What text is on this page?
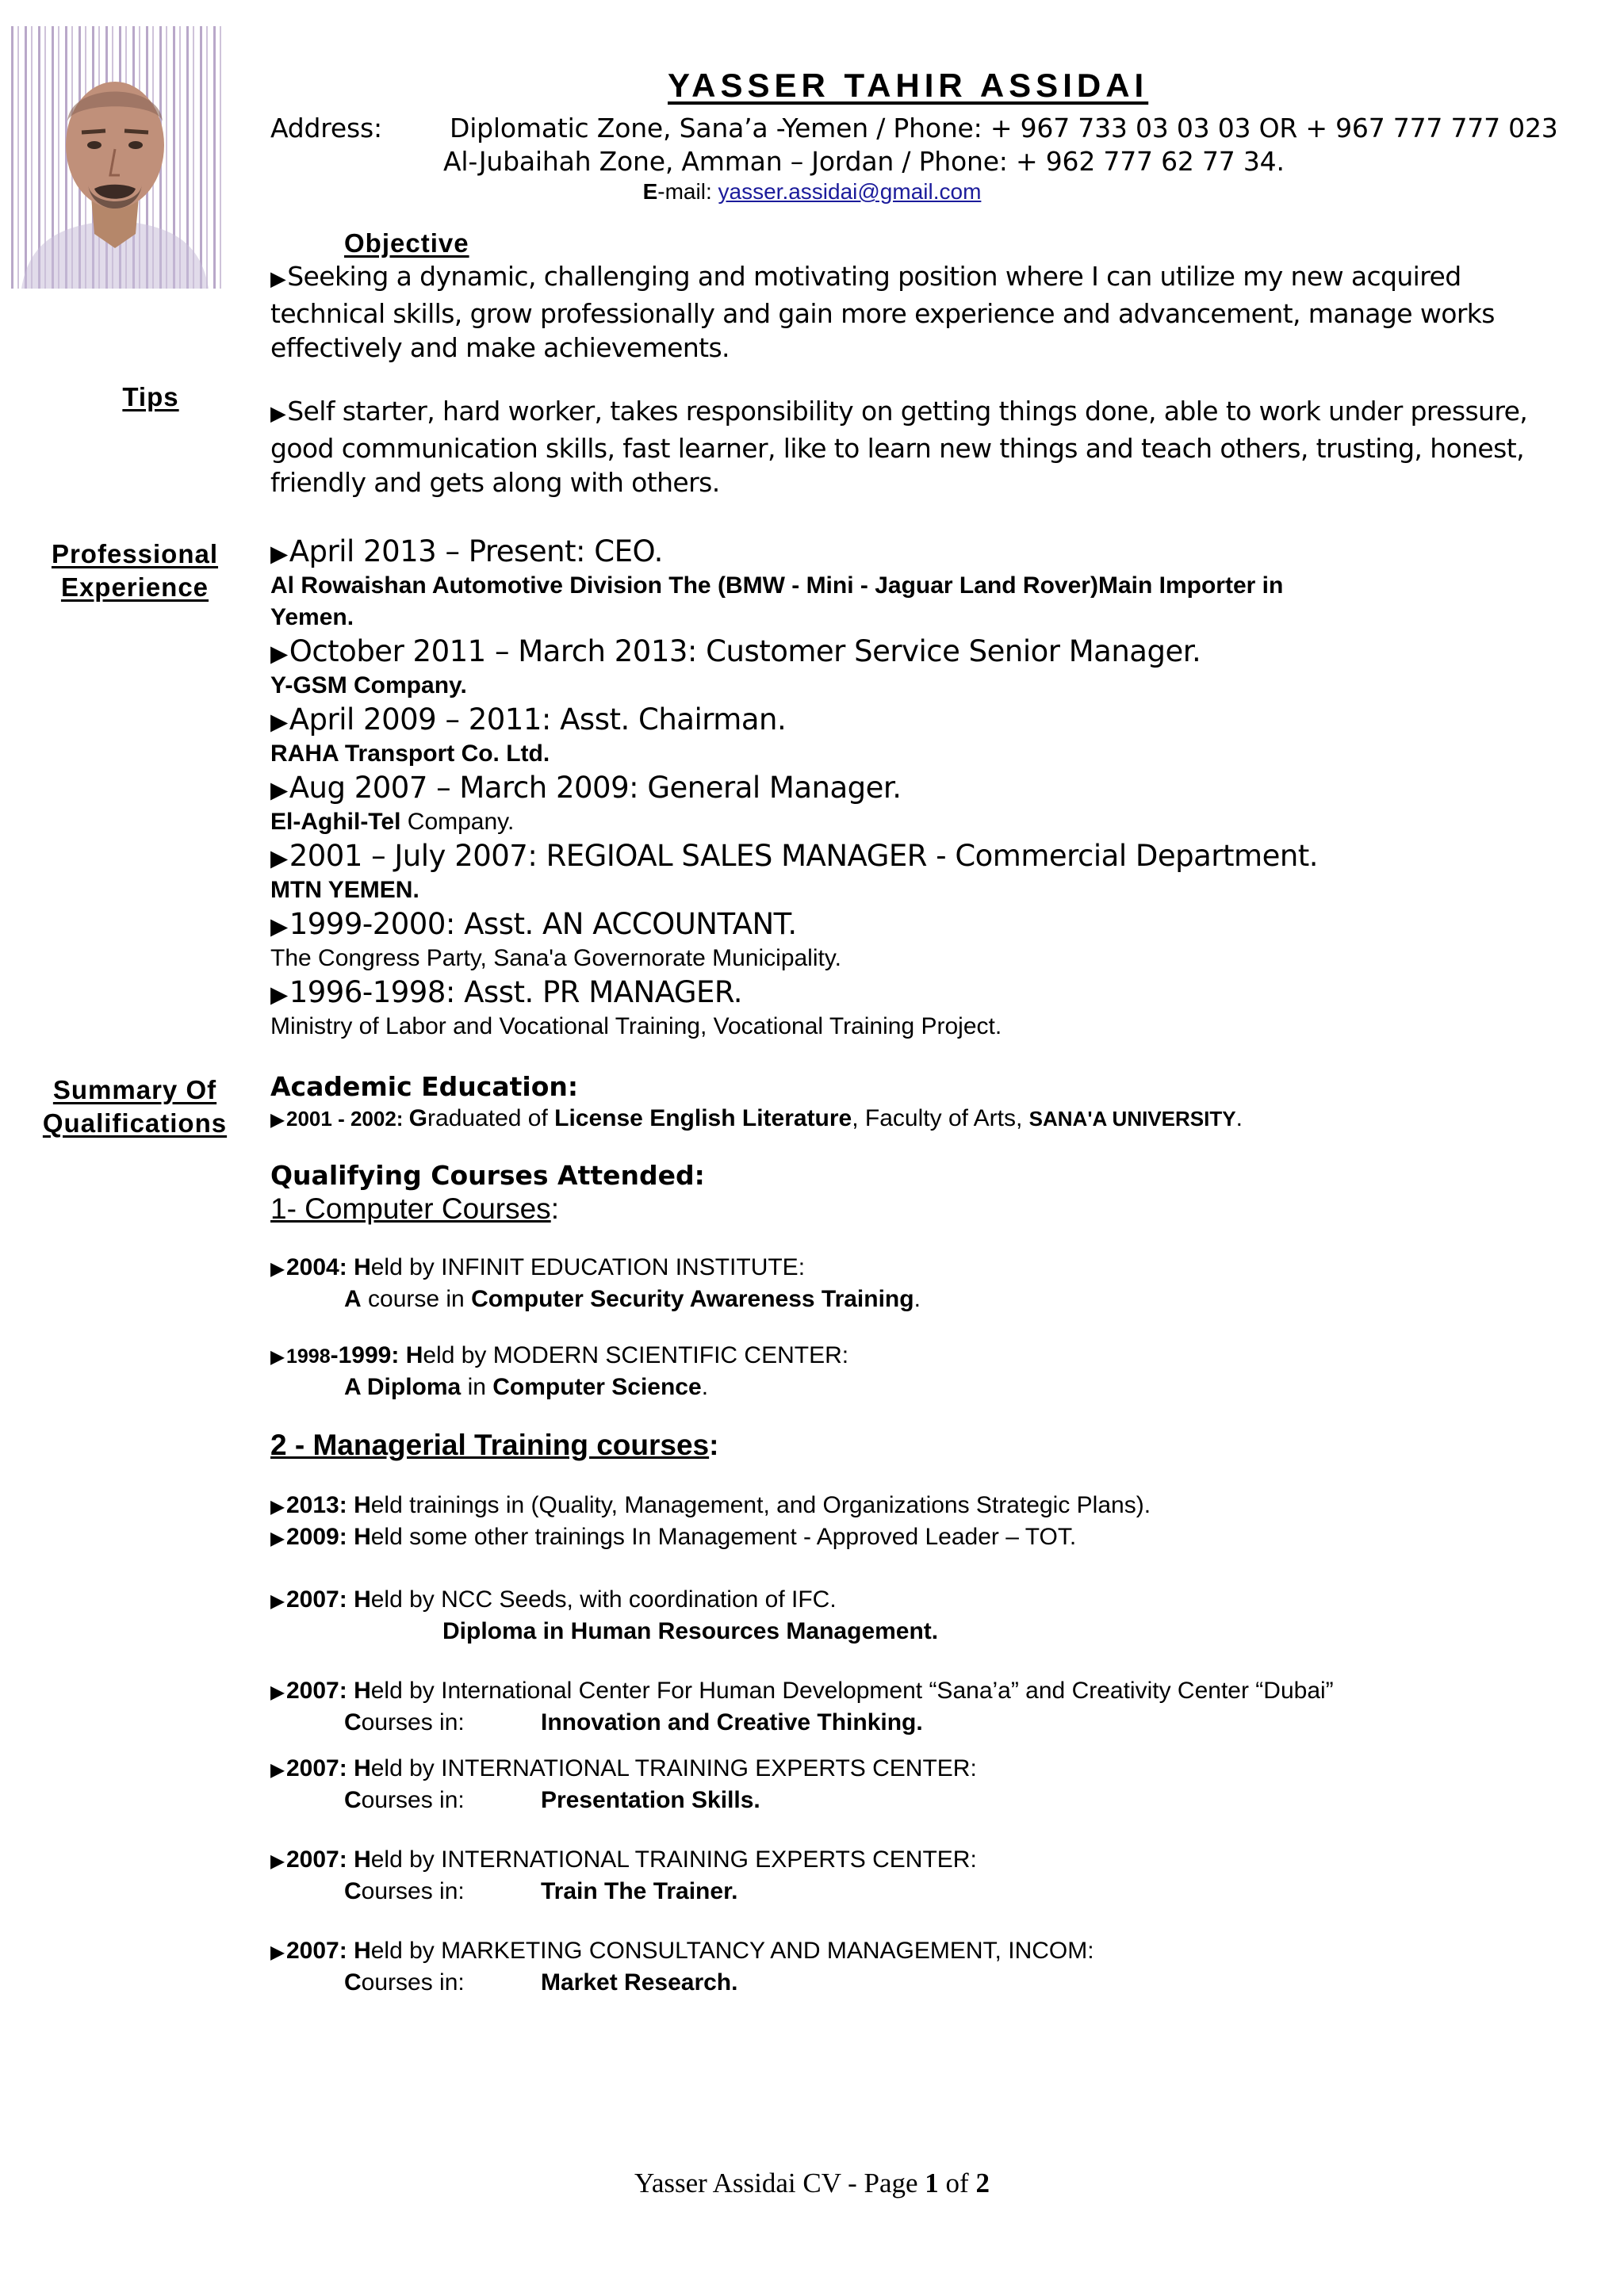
YASSER TAHIR ASSIDAI
Address:	Diplomatic Zone, Sana’a -Yemen / Phone: + 967 733 03 03 03 OR + 967 777 777 023
Al-Jubaihah Zone, Amman – Jordan / Phone: + 962 777 62 77 34.
E-mail: yasser.assidai@gmail.com
Objective
▶Seeking a dynamic, challenging and motivating position where I can utilize my new acquired technical skills, grow professionally and gain more experience and advancement, manage works effectively and make achievements.
Tips
▶Self starter, hard worker, takes responsibility on getting things done, able to work under pressure, good communication skills, fast learner, like to learn new things and teach others, trusting, honest, friendly and gets along with others.
Professional
Experience
▶April 2013 – Present: CEO.
Al Rowaishan Automotive Division The (BMW - Mini - Jaguar Land Rover)Main Importer in
Yemen.
▶October 2011 – March 2013: Customer Service Senior Manager.
Y-GSM Company.
▶April 2009 – 2011: Asst. Chairman.
RAHA Transport Co. Ltd.
▶Aug 2007 – March 2009: General Manager.
El-Aghil-Tel Company.
▶2001 – July 2007: REGIOAL SALES MANAGER - Commercial Department.
MTN YEMEN.
▶1999-2000: Asst. AN ACCOUNTANT.
The Congress Party, Sana'a Governorate Municipality.
▶1996-1998: Asst. PR MANAGER.
Ministry of Labor and Vocational Training, Vocational Training Project.
Summary Of
Qualifications
Academic Education:
▶2001 - 2002: Graduated of License English Literature, Faculty of Arts, SANA'A UNIVERSITY.
Qualifying Courses Attended:
1- Computer Courses:
▶2004: Held by INFINIT EDUCATION INSTITUTE:
A course in Computer Security Awareness Training.
▶1998-1999: Held by MODERN SCIENTIFIC CENTER:
A Diploma in Computer Science.
2 - Managerial Training courses:
▶2013: Held trainings in (Quality, Management, and Organizations Strategic Plans).
▶2009: Held some other trainings In Management - Approved Leader – TOT.
▶2007: Held by NCC Seeds, with coordination of IFC.
Diploma in Human Resources Management.
▶2007: Held by International Center For Human Development “Sana’a” and Creativity Center “Dubai”
Courses in:	Innovation and Creative Thinking.
▶2007: Held by INTERNATIONAL TRAINING EXPERTS CENTER:
Courses in:	Presentation Skills.
▶2007: Held by INTERNATIONAL TRAINING EXPERTS CENTER:
Courses in:	Train The Trainer.
▶2007: Held by MARKETING CONSULTANCY AND MANAGEMENT, INCOM:
Courses in:	Market Research.
Yasser Assidai CV - Page 1 of 2
